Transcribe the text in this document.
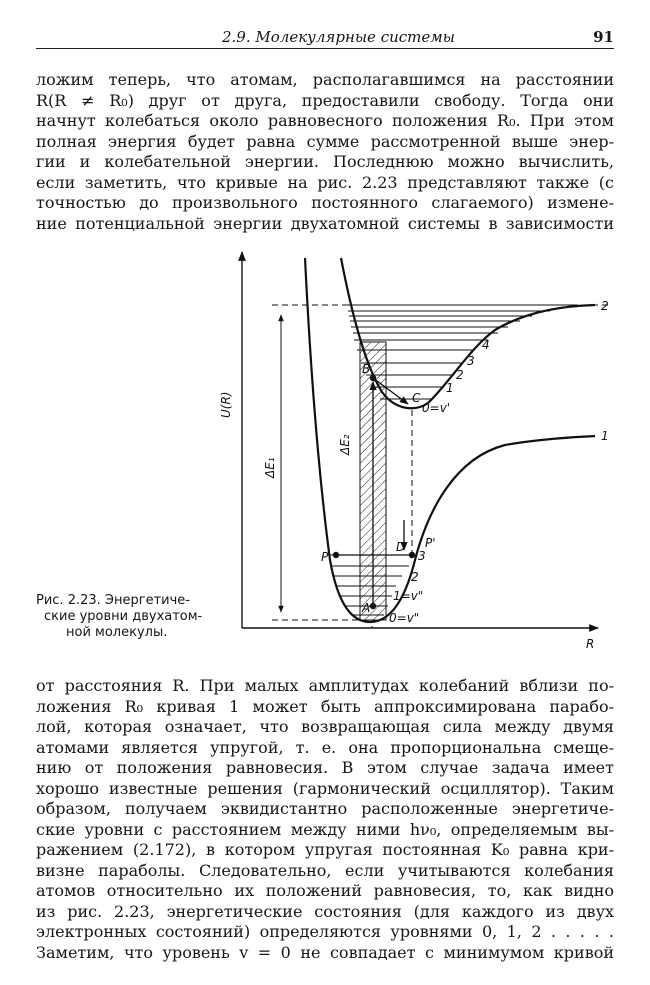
2.9. Молекулярные системы	91
ложим теперь, что атомам, располагавшимся на расстоянии
R(R ≠ R₀) друг от друга, предоставили свободу. Тогда они
начнут колебаться около равновесного положения R₀. При этом
полная энергия будет равна сумме рассмотренной выше энер-
гии и колебательной энергии. Последнюю можно вычислить,
если заметить, что кривые на рис. 2.23 представляют также (с
точностью до произвольного постоянного слагаемого) измене-
ние потенциальной энергии двухатомной системы в зависимости
U(R)
R
ΔE₁
ΔE₂
B
C
P
D P'
A
2
1
4
3
2
1
0=v'
3
2
1=v"
0=v"
Рис. 2.23. Энергетиче-
ские уровни двухатом-
ной молекулы.
от расстояния R. При малых амплитудах колебаний вблизи по-
ложения R₀ кривая 1 может быть аппроксимирована парабо-
лой, которая означает, что возвращающая сила между двумя
атомами является упругой, т. е. она пропорциональна смеще-
нию от положения равновесия. В этом случае задача имеет
хорошо известные решения (гармонический осциллятор). Таким
образом, получаем эквидистантно расположенные энергетиче-
ские уровни с расстоянием между ними hν₀, определяемым вы-
ражением (2.172), в котором упругая постоянная K₀ равна кри-
визне параболы. Следовательно, если учитываются колебания
атомов относительно их положений равновесия, то, как видно
из рис. 2.23, энергетические состояния (для каждого из двух
электронных состояний) определяются уровнями 0, 1, 2 . . . . .
Заметим, что уровень v = 0 не совпадает с минимумом кривой
